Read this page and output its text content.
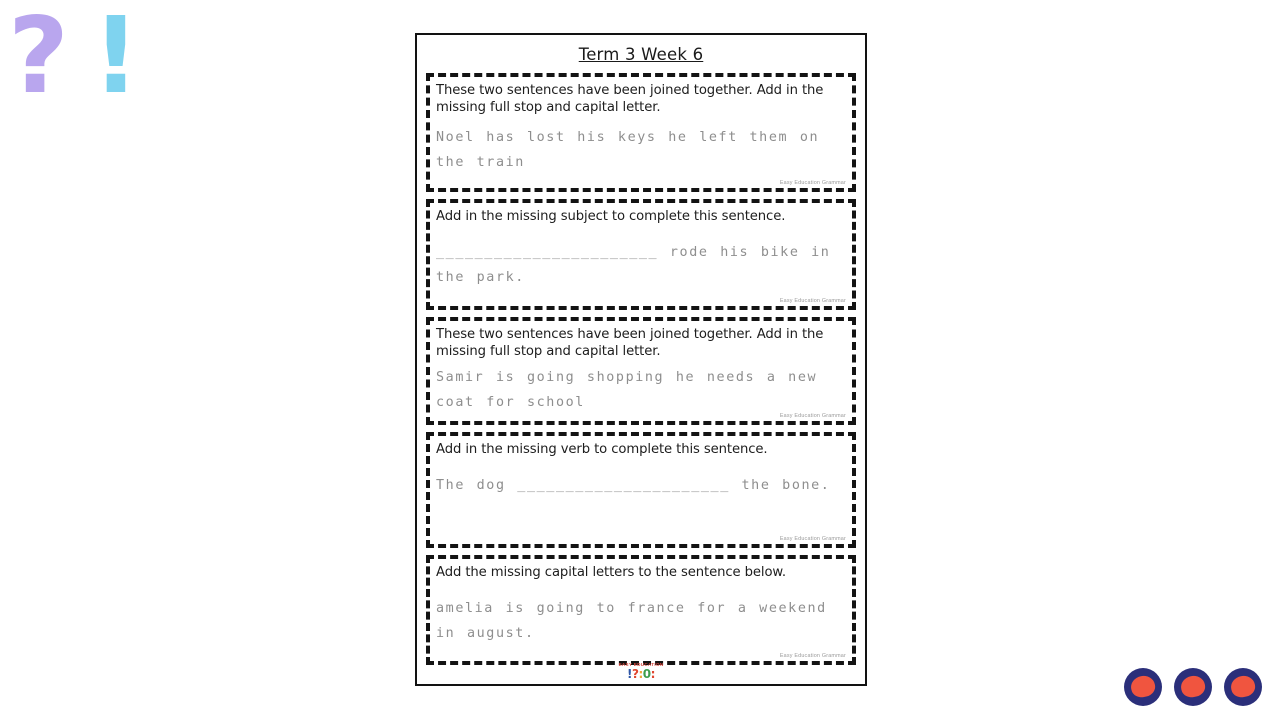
? !	Term 3 Week 6
These two sentences have been joined together. Add in the missing full stop and capital letter.
Noel has lost his keys he left them on the train
Easy Education Grammar
Add in the missing subject to complete this sentence.
_______________________ rode his bike in the park.
Easy Education Grammar
These two sentences have been joined together. Add in the missing full stop and capital letter.
Samir is going shopping he needs a new coat for school
Easy Education Grammar
Add in the missing verb to complete this sentence.
The dog ______________________ the bone.
Easy Education Grammar
Add the missing capital letters to the sentence below.
amelia is going to france for a weekend in august.
Easy Education Grammar
EASY EDUCATION
!?:0:
